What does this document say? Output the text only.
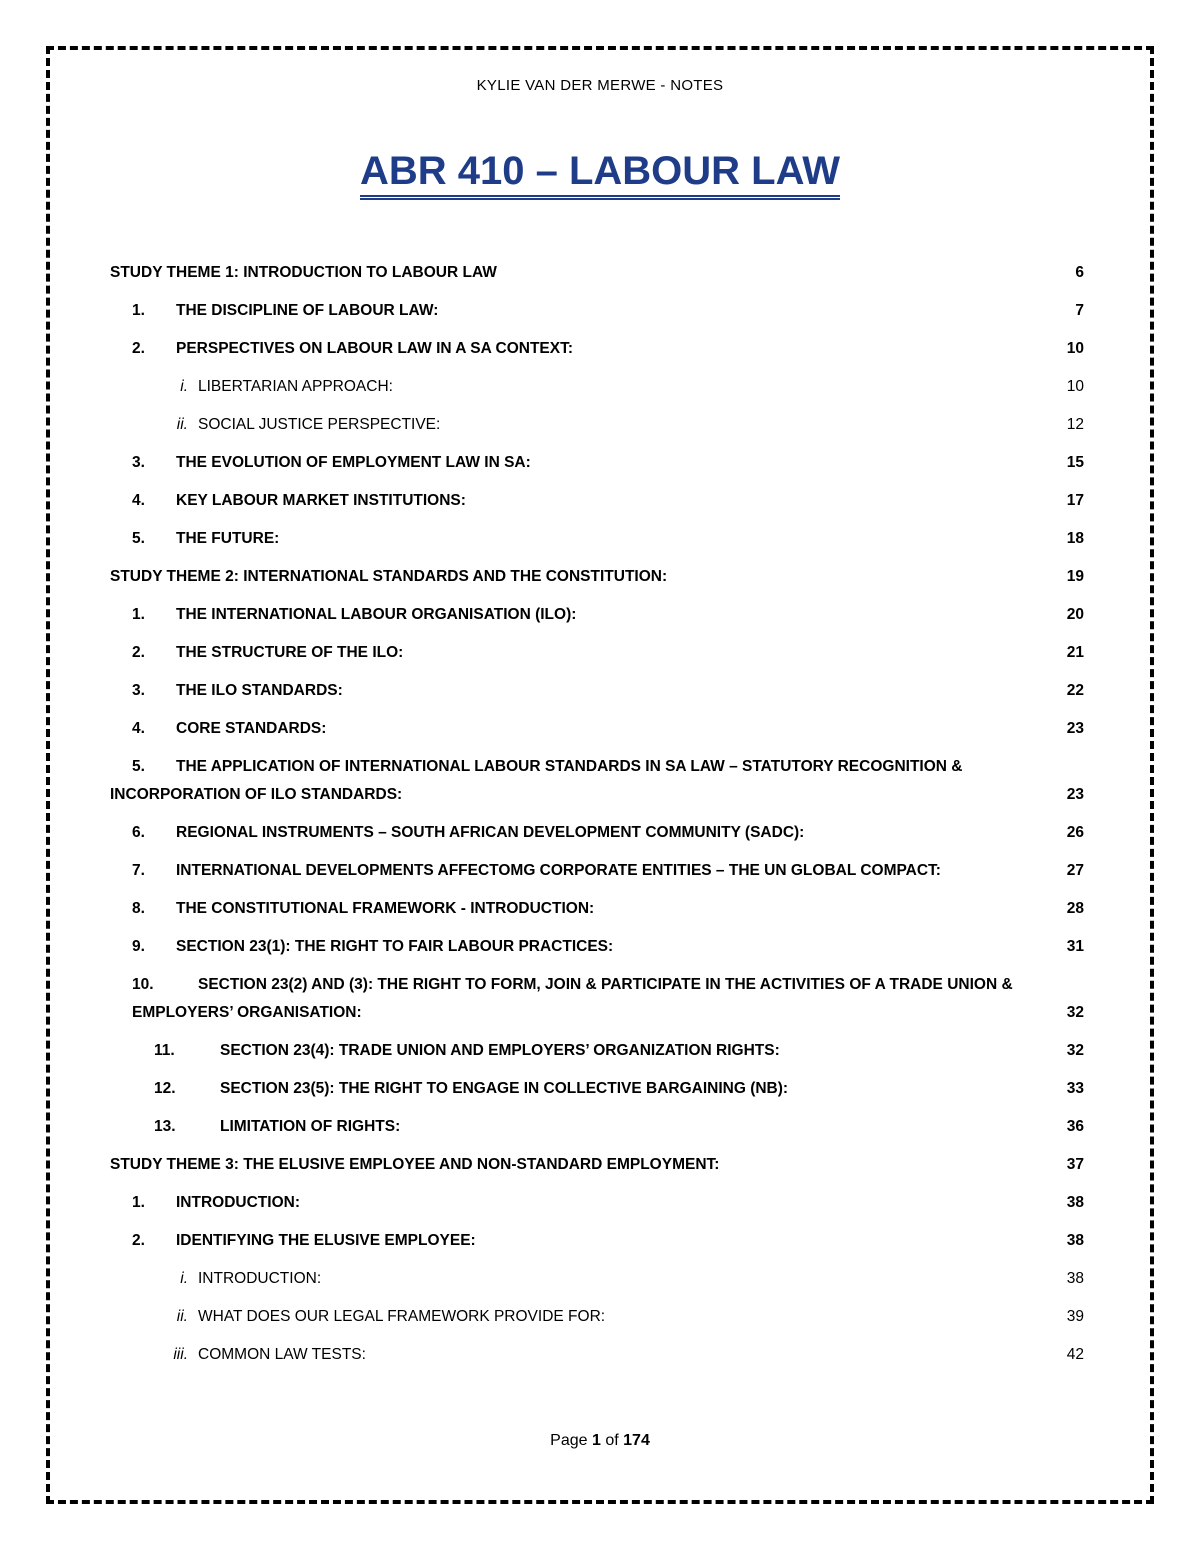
KYLIE VAN DER MERWE - NOTES
ABR 410 – LABOUR LAW
STUDY THEME 1: INTRODUCTION TO LABOUR LAW	6
1. THE DISCIPLINE OF LABOUR LAW:	7
2. PERSPECTIVES ON LABOUR LAW IN A SA CONTEXT:	10
i. LIBERTARIAN APPROACH:	10
ii. SOCIAL JUSTICE PERSPECTIVE:	12
3. THE EVOLUTION OF EMPLOYMENT LAW IN SA:	15
4. KEY LABOUR MARKET INSTITUTIONS:	17
5. THE FUTURE:	18
STUDY THEME 2: INTERNATIONAL STANDARDS AND THE CONSTITUTION:	19
1. THE INTERNATIONAL LABOUR ORGANISATION (ILO):	20
2. THE STRUCTURE OF THE ILO:	21
3. THE ILO STANDARDS:	22
4. CORE STANDARDS:	23
5. THE APPLICATION OF INTERNATIONAL LABOUR STANDARDS IN SA LAW – STATUTORY RECOGNITION & INCORPORATION OF ILO STANDARDS:	23
6. REGIONAL INSTRUMENTS – SOUTH AFRICAN DEVELOPMENT COMMUNITY (SADC):	26
7. INTERNATIONAL DEVELOPMENTS AFFECTOMG CORPORATE ENTITIES – THE UN GLOBAL COMPACT:	27
8. THE CONSTITUTIONAL FRAMEWORK - INTRODUCTION:	28
9. SECTION 23(1): THE RIGHT TO FAIR LABOUR PRACTICES:	31
10.	SECTION 23(2) AND (3): THE RIGHT TO FORM, JOIN & PARTICIPATE IN THE ACTIVITIES OF A TRADE UNION & EMPLOYERS’ ORGANISATION:	32
11.	SECTION 23(4): TRADE UNION AND EMPLOYERS’ ORGANIZATION RIGHTS:	32
12.	SECTION 23(5): THE RIGHT TO ENGAGE IN COLLECTIVE BARGAINING (NB):	33
13.	LIMITATION OF RIGHTS:	36
STUDY THEME 3: THE ELUSIVE EMPLOYEE AND NON-STANDARD EMPLOYMENT:	37
1. INTRODUCTION:	38
2. IDENTIFYING THE ELUSIVE EMPLOYEE:	38
i. INTRODUCTION:	38
ii. WHAT DOES OUR LEGAL FRAMEWORK PROVIDE FOR:	39
iii. COMMON LAW TESTS:	42
Page 1 of 174
